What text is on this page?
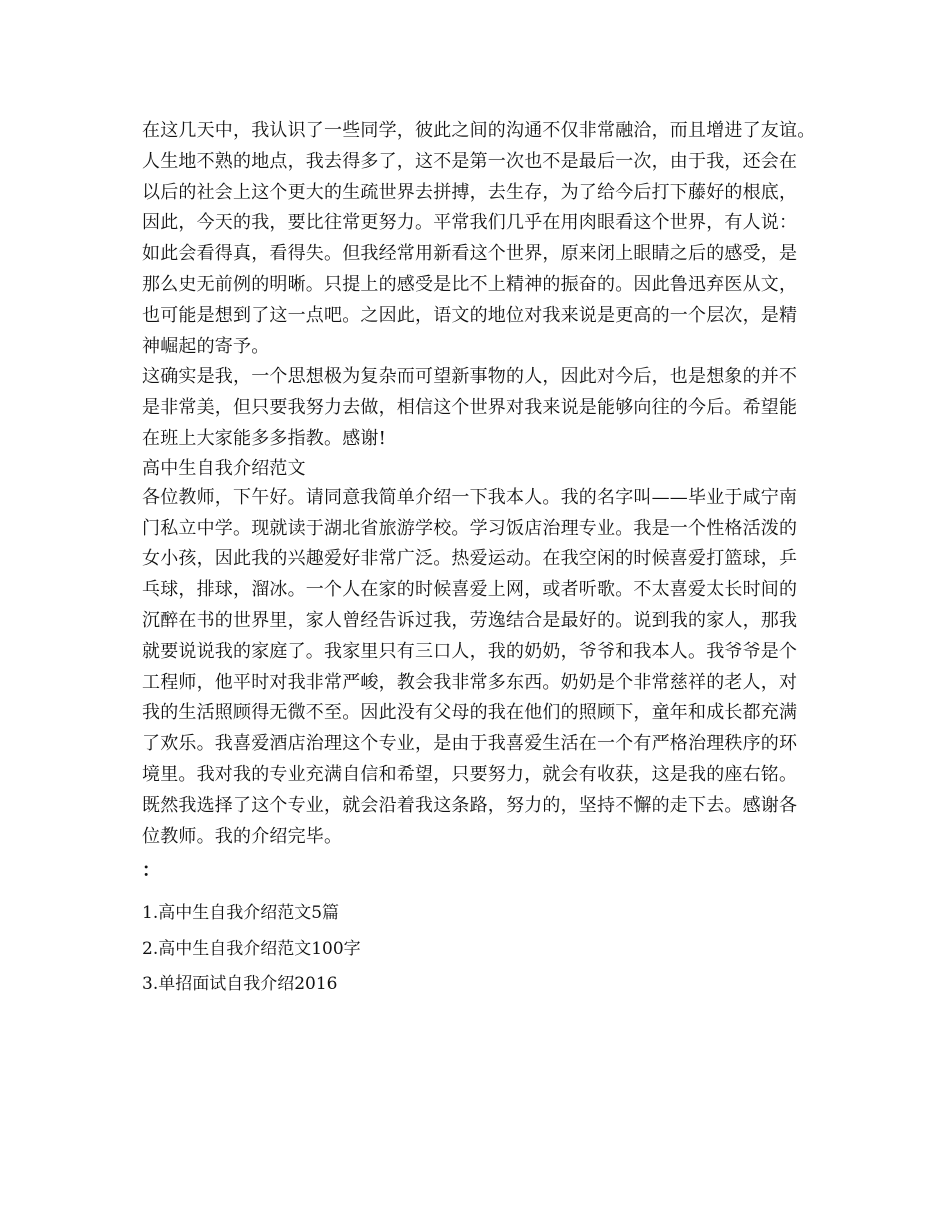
在这几天中，我认识了一些同学，彼此之间的沟通不仅非常融洽，而且增进了友谊。
人生地不熟的地点，我去得多了，这不是第一次也不是最后一次，由于我，还会在
以后的社会上这个更大的生疏世界去拼搏，去生存，为了给今后打下藤好的根底，
因此，今天的我，要比往常更努力。平常我们几乎在用肉眼看这个世界，有人说：
如此会看得真，看得失。但我经常用新看这个世界，原来闭上眼睛之后的感受，是
那么史无前例的明晰。只提上的感受是比不上精神的振奋的。因此鲁迅弃医从文，
也可能是想到了这一点吧。之因此，语文的地位对我来说是更高的一个层次，是精
神崛起的寄予。
这确实是我，一个思想极为复杂而可望新事物的人，因此对今后，也是想象的并不
是非常美，但只要我努力去做，相信这个世界对我来说是能够向往的今后。希望能
在班上大家能多多指教。感谢!
高中生自我介绍范文
各位教师，下午好。请同意我简单介绍一下我本人。我的名字叫——毕业于咸宁南
门私立中学。现就读于湖北省旅游学校。学习饭店治理专业。我是一个性格活泼的
女小孩，因此我的兴趣爱好非常广泛。热爱运动。在我空闲的时候喜爱打篮球，乒
乓球，排球，溜冰。一个人在家的时候喜爱上网，或者听歌。不太喜爱太长时间的
沉醉在书的世界里，家人曾经告诉过我，劳逸结合是最好的。说到我的家人，那我
就要说说我的家庭了。我家里只有三口人，我的奶奶，爷爷和我本人。我爷爷是个
工程师，他平时对我非常严峻，教会我非常多东西。奶奶是个非常慈祥的老人，对
我的生活照顾得无微不至。因此没有父母的我在他们的照顾下，童年和成长都充满
了欢乐。我喜爱酒店治理这个专业，是由于我喜爱生活在一个有严格治理秩序的环
境里。我对我的专业充满自信和希望，只要努力，就会有收获，这是我的座右铭。
既然我选择了这个专业，就会沿着我这条路，努力的，坚持不懈的走下去。感谢各
位教师。我的介绍完毕。
：
1.高中生自我介绍范文5篇
2.高中生自我介绍范文100字
3.单招面试自我介绍2016
